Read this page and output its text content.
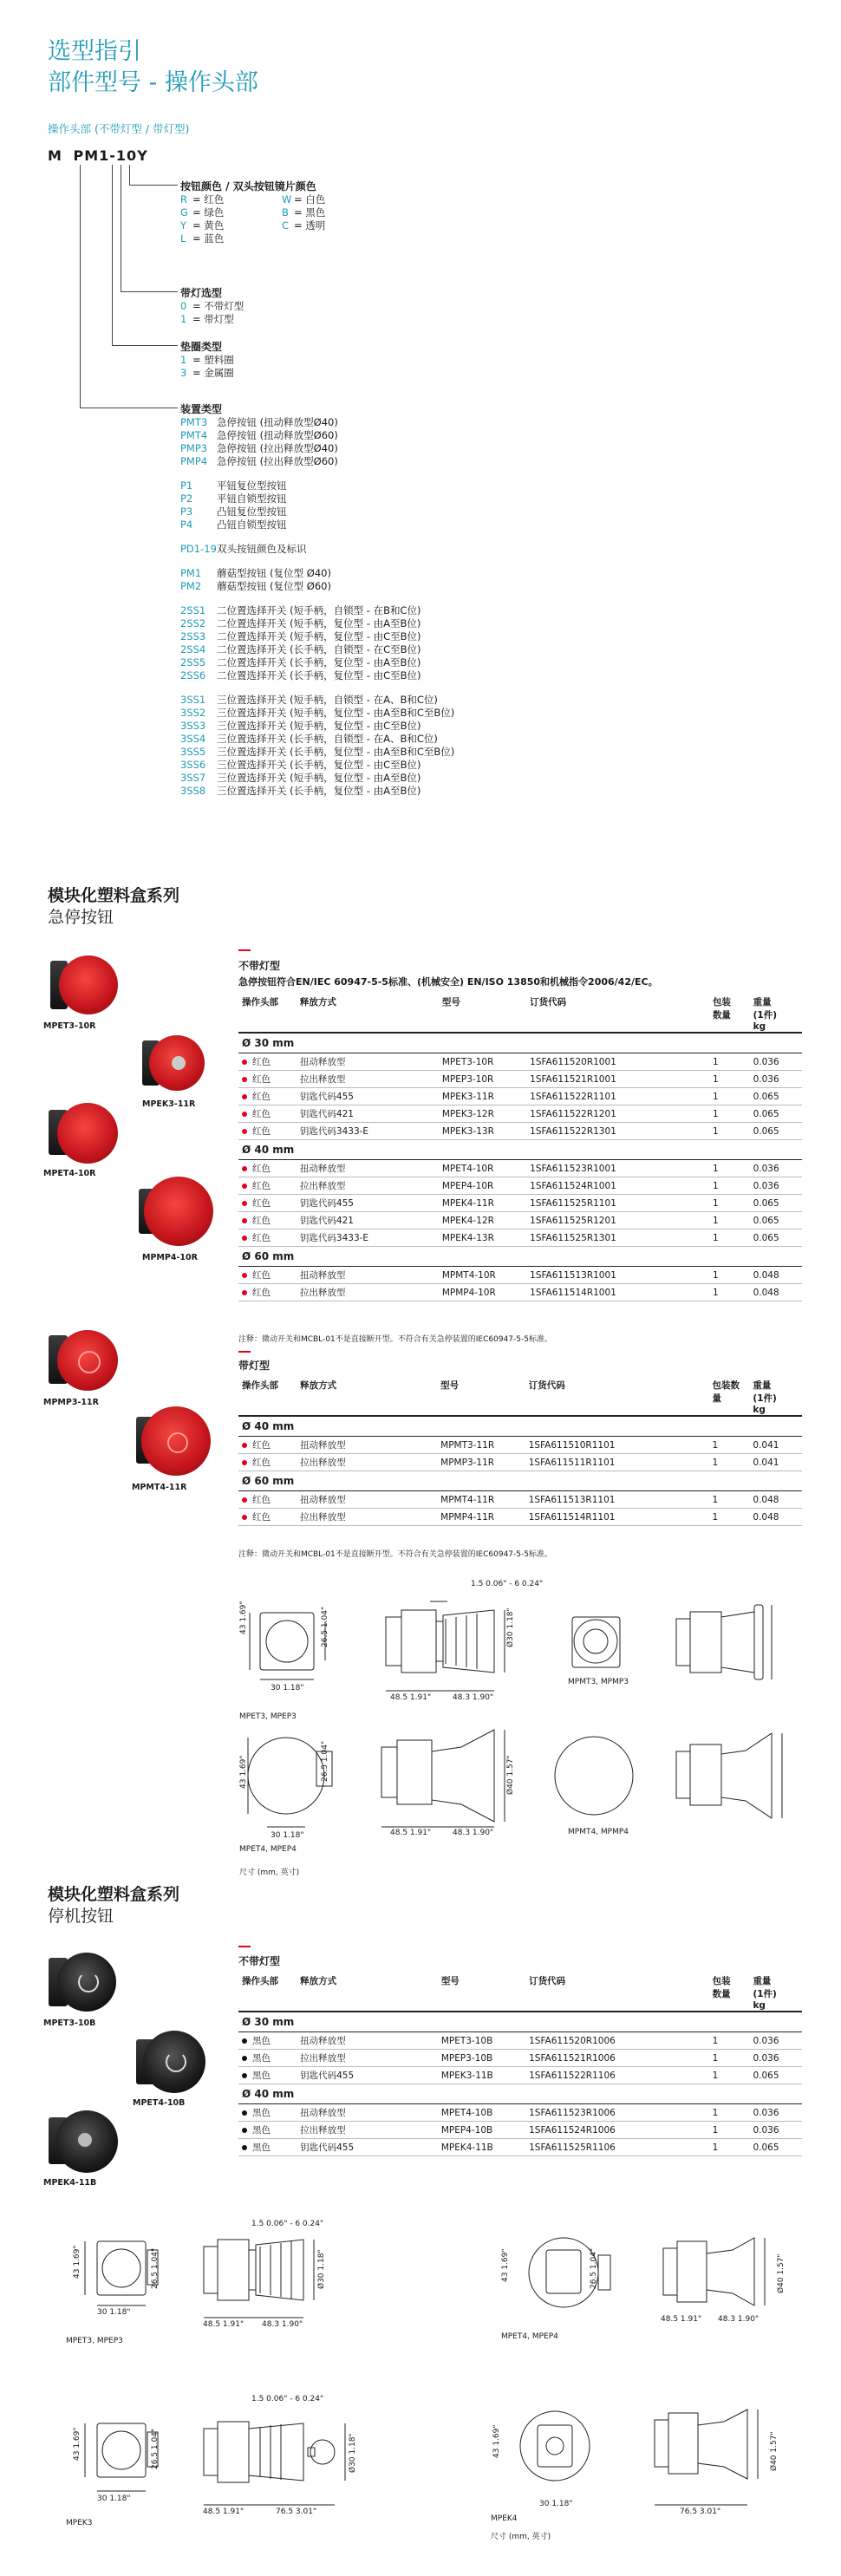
选型指引
部件型号 - 操作头部
操作头部 (不带灯型 / 带灯型)
M PM1-10Y
按钮颜色 / 双头按钮镜片颜色
R = 红色
G = 绿色
Y = 黄色
L = 蓝色
W = 白色
B = 黑色
C = 透明
带灯选型
0 = 不带灯型
1 = 带灯型
垫圈类型
1 = 塑料圈
3 = 金属圈
装置类型
PMT3 急停按钮 (扭动释放型Ø40)
PMT4 急停按钮 (扭动释放型Ø60)
PMP3 急停按钮 (拉出释放型Ø40)
PMP4 急停按钮 (拉出释放型Ø60)
P1 平钮复位型按钮
P2 平钮自锁型按钮
P3 凸钮复位型按钮
P4 凸钮自锁型按钮
PD1-19双头按钮颜色及标识
PM1 蘑菇型按钮 (复位型 Ø40)
PM2 蘑菇型按钮 (复位型 Ø60)
2SS1 二位置选择开关 (短手柄，自锁型 - 在B和C位)
2SS2 二位置选择开关 (短手柄，复位型 - 由A至B位)
2SS3 二位置选择开关 (短手柄，复位型 - 由C至B位)
2SS4 二位置选择开关 (长手柄，自锁型 - 在C至B位)
2SS5 二位置选择开关 (长手柄，复位型 - 由A至B位)
2SS6 二位置选择开关 (长手柄，复位型 - 由C至B位)
3SS1 三位置选择开关 (短手柄，自锁型 - 在A、B和C位)
3SS2 三位置选择开关 (短手柄，复位型 - 由A至B和C至B位)
3SS3 三位置选择开关 (短手柄，复位型 - 由C至B位)
3SS4 三位置选择开关 (长手柄，自锁型 - 在A、B和C位)
3SS5 三位置选择开关 (长手柄，复位型 - 由A至B和C至B位)
3SS6 三位置选择开关 (长手柄，复位型 - 由C至B位)
3SS7 三位置选择开关 (短手柄，复位型 - 由A至B位)
3SS8 三位置选择开关 (长手柄，复位型 - 由A至B位)
模块化塑料盒系列
急停按钮
MPET3-10R
MPEK3-11R
MPET4-10R
MPMP4-10R
MPMP3-11R
MPMT4-11R
不带灯型
急停按钮符合EN/IEC 60947-5-5标准、(机械安全) EN/ISO 13850和机械指令2006/42/EC。
操作头部	释放方式	型号	订货代码	包装
数量	重量
(1件)
kg
Ø 30 mm					
红色	扭动释放型	MPET3-10R	1SFA611520R1001	1	0.036
红色	拉出释放型	MPEP3-10R	1SFA611521R1001	1	0.036
红色	钥匙代码455	MPEK3-11R	1SFA611522R1101	1	0.065
红色	钥匙代码421	MPEK3-12R	1SFA611522R1201	1	0.065
红色	钥匙代码3433-E	MPEK3-13R	1SFA611522R1301	1	0.065
Ø 40 mm					
红色	扭动释放型	MPET4-10R	1SFA611523R1001	1	0.036
红色	拉出释放型	MPEP4-10R	1SFA611524R1001	1	0.036
红色	钥匙代码455	MPEK4-11R	1SFA611525R1101	1	0.065
红色	钥匙代码421	MPEK4-12R	1SFA611525R1201	1	0.065
红色	钥匙代码3433-E	MPEK4-13R	1SFA611525R1301	1	0.065
Ø 60 mm					
红色	扭动释放型	MPMT4-10R	1SFA611513R1001	1	0.048
红色	拉出释放型	MPMP4-10R	1SFA611514R1001	1	0.048
注释：微动开关和MCBL-01不是直接断开型。不符合有关急停装置的IEC60947-5-5标准。
带灯型
操作头部	释放方式	型号	订货代码	包装数
量	重量
(1件)
kg
Ø 40 mm					
红色	扭动释放型	MPMT3-11R	1SFA611510R1101	1	0.041
红色	拉出释放型	MPMP3-11R	1SFA611511R1101	1	0.041
Ø 60 mm					
红色	扭动释放型	MPMT4-11R	1SFA611513R1101	1	0.048
红色	拉出释放型	MPMP4-11R	1SFA611514R1101	1	0.048
注释：微动开关和MCBL-01不是直接断开型。不符合有关急停装置的IEC60947-5-5标准。
1.5 0.06" - 6 0.24"
43 1.69"	26.5 1.04"
30 1.18"
48.5 1.91"	48.3 1.90"
Ø30 1.18"
MPET3, MPEP3
MPMT3, MPMP3
43 1.69"	26.5 1.04"
30 1.18"	48.5 1.91"	48.3 1.90"
Ø40 1.57"
MPET4, MPEP4
MPMT4, MPMP4
尺寸 (mm, 英寸)
模块化塑料盒系列
停机按钮
MPET3-10B
MPET4-10B
MPEK4-11B
不带灯型
操作头部	释放方式	型号	订货代码	包装
数量	重量
(1件)
kg
Ø 30 mm					
黑色	扭动释放型	MPET3-10B	1SFA611520R1006	1	0.036
黑色	拉出释放型	MPEP3-10B	1SFA611521R1006	1	0.036
黑色	钥匙代码455	MPEK3-11B	1SFA611522R1106	1	0.065
Ø 40 mm					
黑色	扭动释放型	MPET4-10B	1SFA611523R1006	1	0.036
黑色	拉出释放型	MPEP4-10B	1SFA611524R1006	1	0.036
黑色	钥匙代码455	MPEK4-11B	1SFA611525R1106	1	0.065
1.5 0.06" - 6 0.24"
43 1.69"	26.5 1.04"
30 1.18"
48.5 1.91" 48.3 1.90"
Ø30 1.18"
MPET3, MPEP3
43 1.69"	26.5 1.04"
48.5 1.91" 48.3 1.90"
Ø40 1.57"
MPET4, MPEP4
1.5 0.06" - 6 0.24"
43 1.69"	26.5 1.04"
30 1.18"
48.5 1.91"	76.5 3.01"
Ø30 1.18"
MPEK3
43 1.69"
30 1.18"
76.5 3.01"
Ø40 1.57"
MPEK4
尺寸 (mm, 英寸)
